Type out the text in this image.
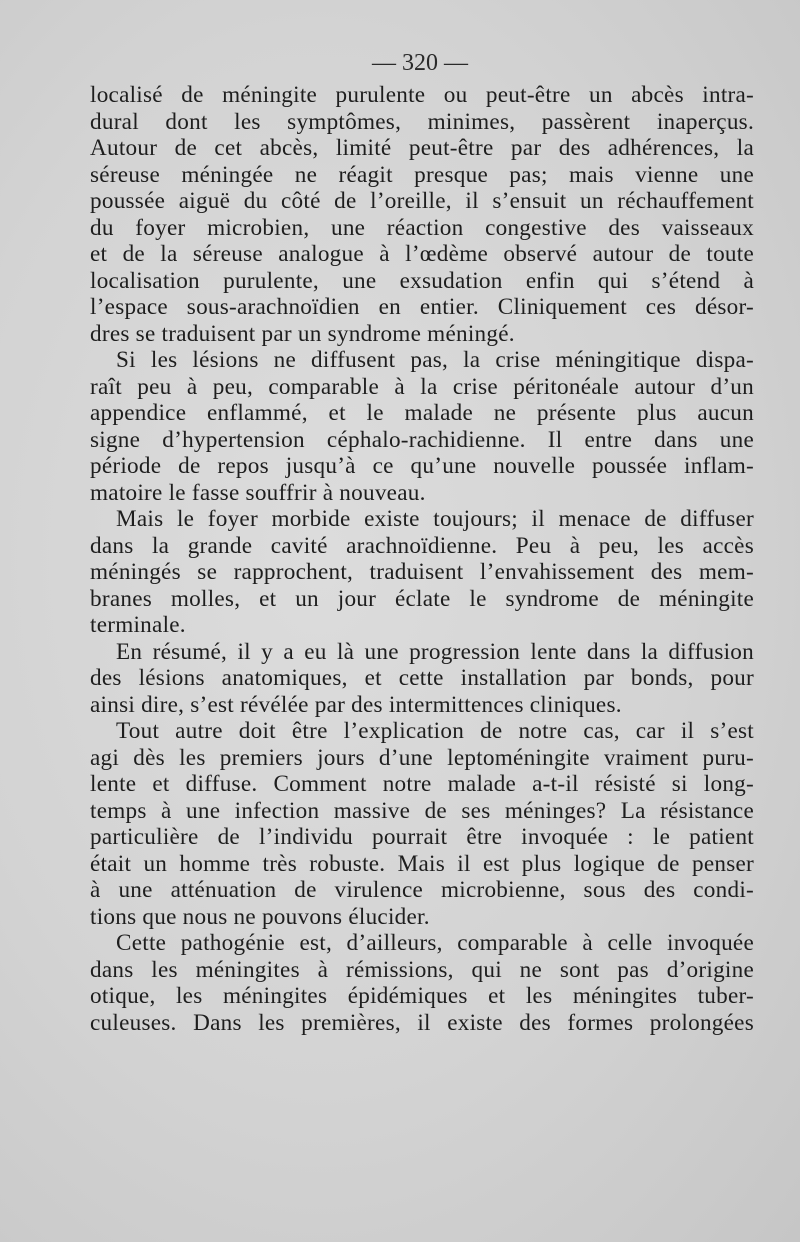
— 320 —
localisé de méningite purulente ou peut-être un abcès intra-
dural dont les symptômes, minimes, passèrent inaperçus.
Autour de cet abcès, limité peut-être par des adhérences, la
séreuse méningée ne réagit presque pas; mais vienne une
poussée aiguë du côté de l’oreille, il s’ensuit un réchauffement
du foyer microbien, une réaction congestive des vaisseaux
et de la séreuse analogue à l’œdème observé autour de toute
localisation purulente, une exsudation enfin qui s’étend à
l’espace sous-arachnoïdien en entier. Cliniquement ces désor-
dres se traduisent par un syndrome méningé.
Si les lésions ne diffusent pas, la crise méningitique dispa-
raît peu à peu, comparable à la crise péritonéale autour d’un
appendice enflammé, et le malade ne présente plus aucun
signe d’hypertension céphalo-rachidienne. Il entre dans une
période de repos jusqu’à ce qu’une nouvelle poussée inflam-
matoire le fasse souffrir à nouveau.
Mais le foyer morbide existe toujours; il menace de diffuser
dans la grande cavité arachnoïdienne. Peu à peu, les accès
méningés se rapprochent, traduisent l’envahissement des mem-
branes molles, et un jour éclate le syndrome de méningite
terminale.
En résumé, il y a eu là une progression lente dans la diffusion
des lésions anatomiques, et cette installation par bonds, pour
ainsi dire, s’est révélée par des intermittences cliniques.
Tout autre doit être l’explication de notre cas, car il s’est
agi dès les premiers jours d’une leptoméningite vraiment puru-
lente et diffuse. Comment notre malade a-t-il résisté si long-
temps à une infection massive de ses méninges? La résistance
particulière de l’individu pourrait être invoquée : le patient
était un homme très robuste. Mais il est plus logique de penser
à une atténuation de virulence microbienne, sous des condi-
tions que nous ne pouvons élucider.
Cette pathogénie est, d’ailleurs, comparable à celle invoquée
dans les méningites à rémissions, qui ne sont pas d’origine
otique, les méningites épidémiques et les méningites tuber-
culeuses. Dans les premières, il existe des formes prolongées
